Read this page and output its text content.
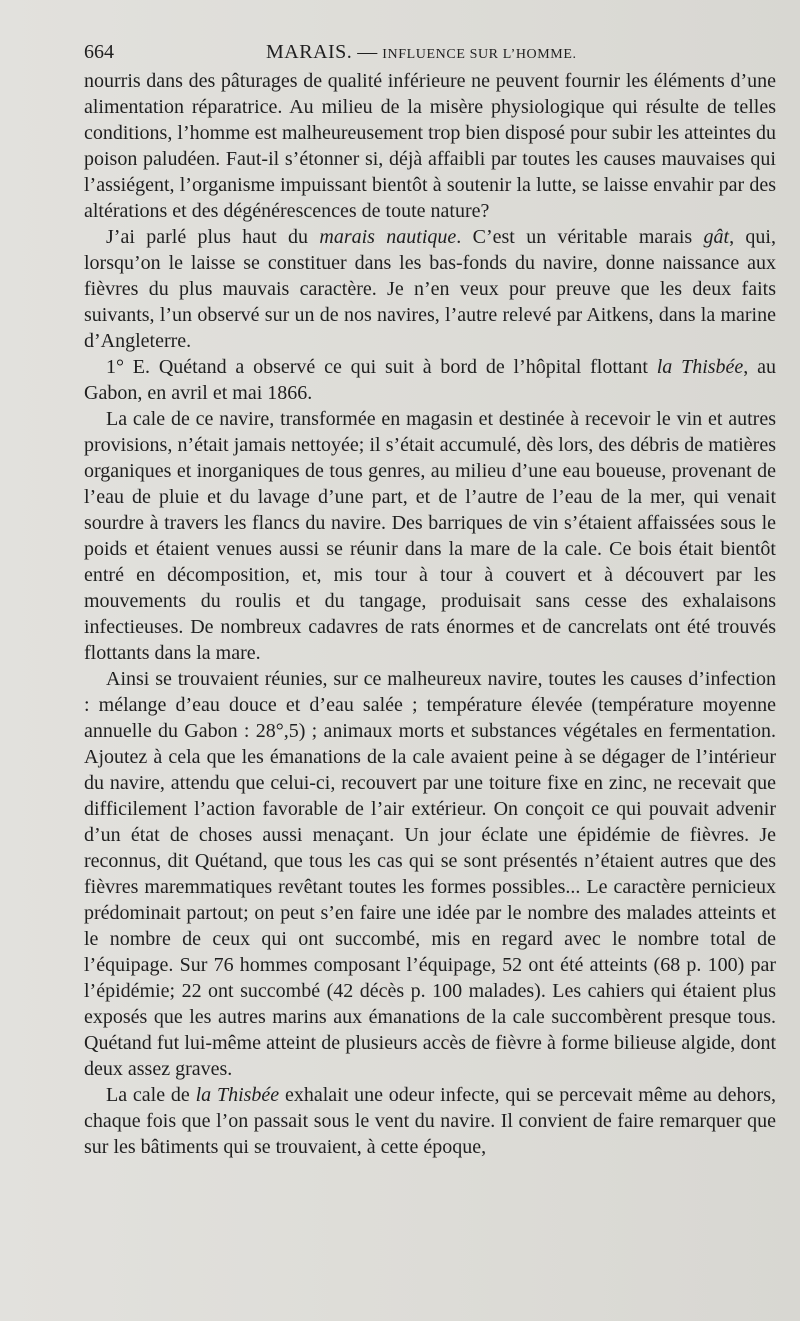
664	MARAIS. — INFLUENCE SUR L’HOMME.

nourris dans des pâturages de qualité inférieure ne peuvent fournir les éléments d’une alimentation réparatrice. Au milieu de la misère physiologique qui résulte de telles conditions, l’homme est malheureusement trop bien disposé pour subir les atteintes du poison paludéen. Faut-il s’étonner si, déjà affaibli par toutes les causes mauvaises qui l’assiégent, l’organisme impuissant bientôt à soutenir la lutte, se laisse envahir par des altérations et des dégénérescences de toute nature?

J’ai parlé plus haut du marais nautique. C’est un véritable marais gât, qui, lorsqu’on le laisse se constituer dans les bas-fonds du navire, donne naissance aux fièvres du plus mauvais caractère. Je n’en veux pour preuve que les deux faits suivants, l’un observé sur un de nos navires, l’autre relevé par Aitkens, dans la marine d’Angleterre.

1° E. Quétand a observé ce qui suit à bord de l’hôpital flottant la Thisbée, au Gabon, en avril et mai 1866.

La cale de ce navire, transformée en magasin et destinée à recevoir le vin et autres provisions, n’était jamais nettoyée; il s’était accumulé, dès lors, des débris de matières organiques et inorganiques de tous genres, au milieu d’une eau boueuse, provenant de l’eau de pluie et du lavage d’une part, et de l’autre de l’eau de la mer, qui venait sourdre à travers les flancs du navire. Des barriques de vin s’étaient affaissées sous le poids et étaient venues aussi se réunir dans la mare de la cale. Ce bois était bientôt entré en décomposition, et, mis tour à tour à couvert et à découvert par les mouvements du roulis et du tangage, produisait sans cesse des exhalaisons infectieuses. De nombreux cadavres de rats énormes et de cancrelats ont été trouvés flottants dans la mare.

Ainsi se trouvaient réunies, sur ce malheureux navire, toutes les causes d’infection : mélange d’eau douce et d’eau salée ; température élevée (température moyenne annuelle du Gabon : 28°,5) ; animaux morts et substances végétales en fermentation. Ajoutez à cela que les émanations de la cale avaient peine à se dégager de l’intérieur du navire, attendu que celui-ci, recouvert par une toiture fixe en zinc, ne recevait que difficilement l’action favorable de l’air extérieur. On conçoit ce qui pouvait advenir d’un état de choses aussi menaçant. Un jour éclate une épidémie de fièvres. Je reconnus, dit Quétand, que tous les cas qui se sont présentés n’étaient autres que des fièvres maremmatiques revêtant toutes les formes possibles... Le caractère pernicieux prédominait partout; on peut s’en faire une idée par le nombre des malades atteints et le nombre de ceux qui ont succombé, mis en regard avec le nombre total de l’équipage. Sur 76 hommes composant l’équipage, 52 ont été atteints (68 p. 100) par l’épidémie; 22 ont succombé (42 décès p. 100 malades). Les cahiers qui étaient plus exposés que les autres marins aux émanations de la cale succombèrent presque tous. Quétand fut lui-même atteint de plusieurs accès de fièvre à forme bilieuse algide, dont deux assez graves.

La cale de la Thisbée exhalait une odeur infecte, qui se percevait même au dehors, chaque fois que l’on passait sous le vent du navire. Il convient de faire remarquer que sur les bâtiments qui se trouvaient, à cette époque,
